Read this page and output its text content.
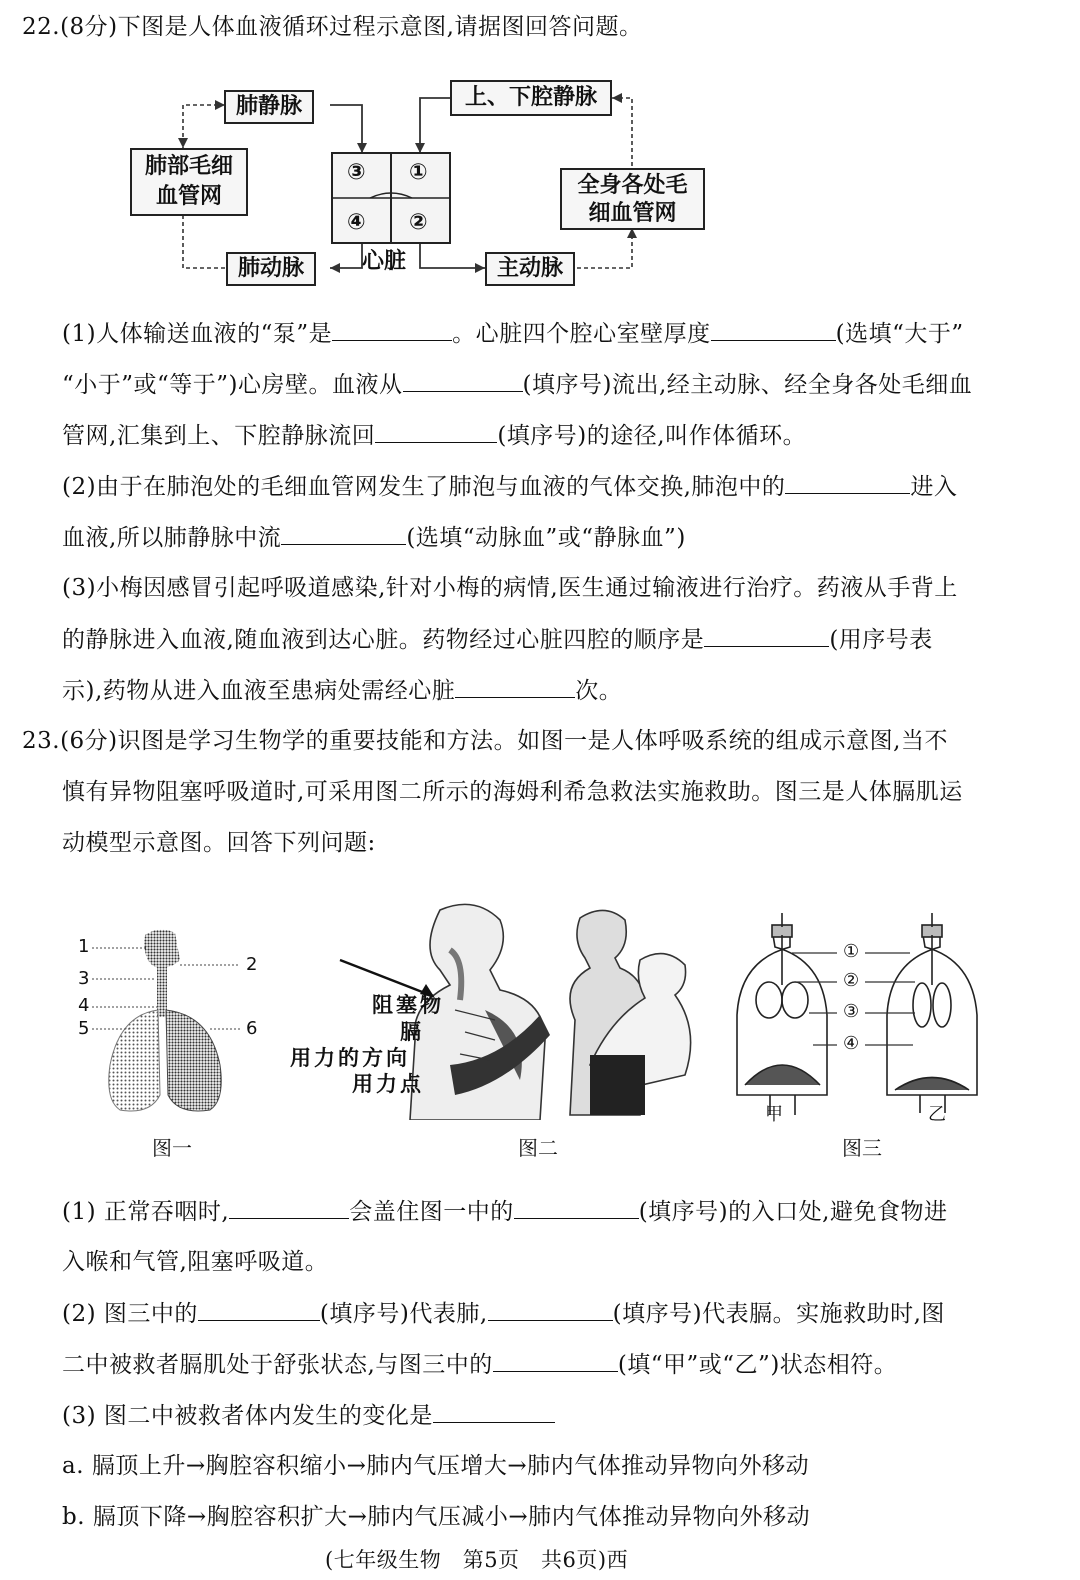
22.(8分)下图是人体血液循环过程示意图,请据图回答问题。
肺静脉	上、下腔静脉
肺部毛细
血管网	全身各处毛
细血管网
肺动脉	主动脉
心脏
③ ①
④ ②
(1)人体输送血液的“泵”是	。心脏四个腔心室壁厚度	(选填“大于”
“小于”或“等于”)心房壁。血液从	(填序号)流出,经主动脉、经全身各处毛细血
管网,汇集到上、下腔静脉流回	(填序号)的途径,叫作体循环。
(2)由于在肺泡处的毛细血管网发生了肺泡与血液的气体交换,肺泡中的	进入
血液,所以肺静脉中流	(选填“动脉血”或“静脉血”)
(3)小梅因感冒引起呼吸道感染,针对小梅的病情,医生通过输液进行治疗。药液从手背上
的静脉进入血液,随血液到达心脏。药物经过心脏四腔的顺序是	(用序号表
示),药物从进入血液至患病处需经心脏	次。
23.(6分)识图是学习生物学的重要技能和方法。如图一是人体呼吸系统的组成示意图,当不
慎有异物阻塞呼吸道时,可采用图二所示的海姆利希急救法实施救助。图三是人体膈肌运
动模型示意图。回答下列问题:
1
2
3
4
5	6
图一
阻塞物
膈
用力的方向
用力点
图二
①
②
③
④
甲	乙
图三
(1) 正常吞咽时,	会盖住图一中的	(填序号)的入口处,避免食物进
入喉和气管,阻塞呼吸道。
(2) 图三中的	(填序号)代表肺,	(填序号)代表膈。实施救助时,图
二中被救者膈肌处于舒张状态,与图三中的	(填“甲”或“乙”)状态相符。
(3) 图二中被救者体内发生的变化是
a. 膈顶上升→胸腔容积缩小→肺内气压增大→肺内气体推动异物向外移动
b. 膈顶下降→胸腔容积扩大→肺内气压减小→肺内气体推动异物向外移动
(七年级生物　第5页　共6页)西
